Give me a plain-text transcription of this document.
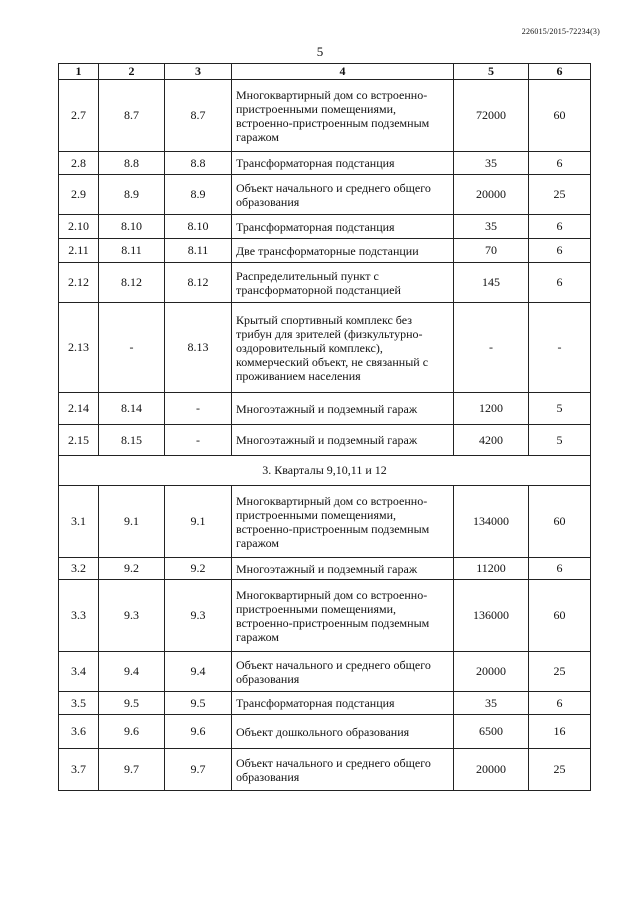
226015/2015-72234(3)
5
1	2	3	4	5	6
2.7	8.7	8.7	Многоквартирный дом со встроенно-пристроенными помещениями, встроенно-пристроенным подземным гаражом	72000	60
2.8	8.8	8.8	Трансформаторная подстанция	35	6
2.9	8.9	8.9	Объект начального и среднего общего образования	20000	25
2.10	8.10	8.10	Трансформаторная подстанция	35	6
2.11	8.11	8.11	Две трансформаторные подстанции	70	6
2.12	8.12	8.12	Распределительный пункт с трансформаторной подстанцией	145	6
2.13	-	8.13	Крытый спортивный комплекс без трибун для зрителей (физкультурно-оздоровительный комплекс), коммерческий объект, не связанный с проживанием населения	-	-
2.14	8.14	-	Многоэтажный и подземный гараж	1200	5
2.15	8.15	-	Многоэтажный и подземный гараж	4200	5
3. Кварталы 9,10,11 и 12					
3.1	9.1	9.1	Многоквартирный дом со встроенно-пристроенными помещениями, встроенно-пристроенным подземным гаражом	134000	60
3.2	9.2	9.2	Многоэтажный и подземный гараж	11200	6
3.3	9.3	9.3	Многоквартирный дом со встроенно-пристроенными помещениями, встроенно-пристроенным подземным гаражом	136000	60
3.4	9.4	9.4	Объект начального и среднего общего образования	20000	25
3.5	9.5	9.5	Трансформаторная подстанция	35	6
3.6	9.6	9.6	Объект дошкольного образования	6500	16
3.7	9.7	9.7	Объект начального и среднего общего образования	20000	25
